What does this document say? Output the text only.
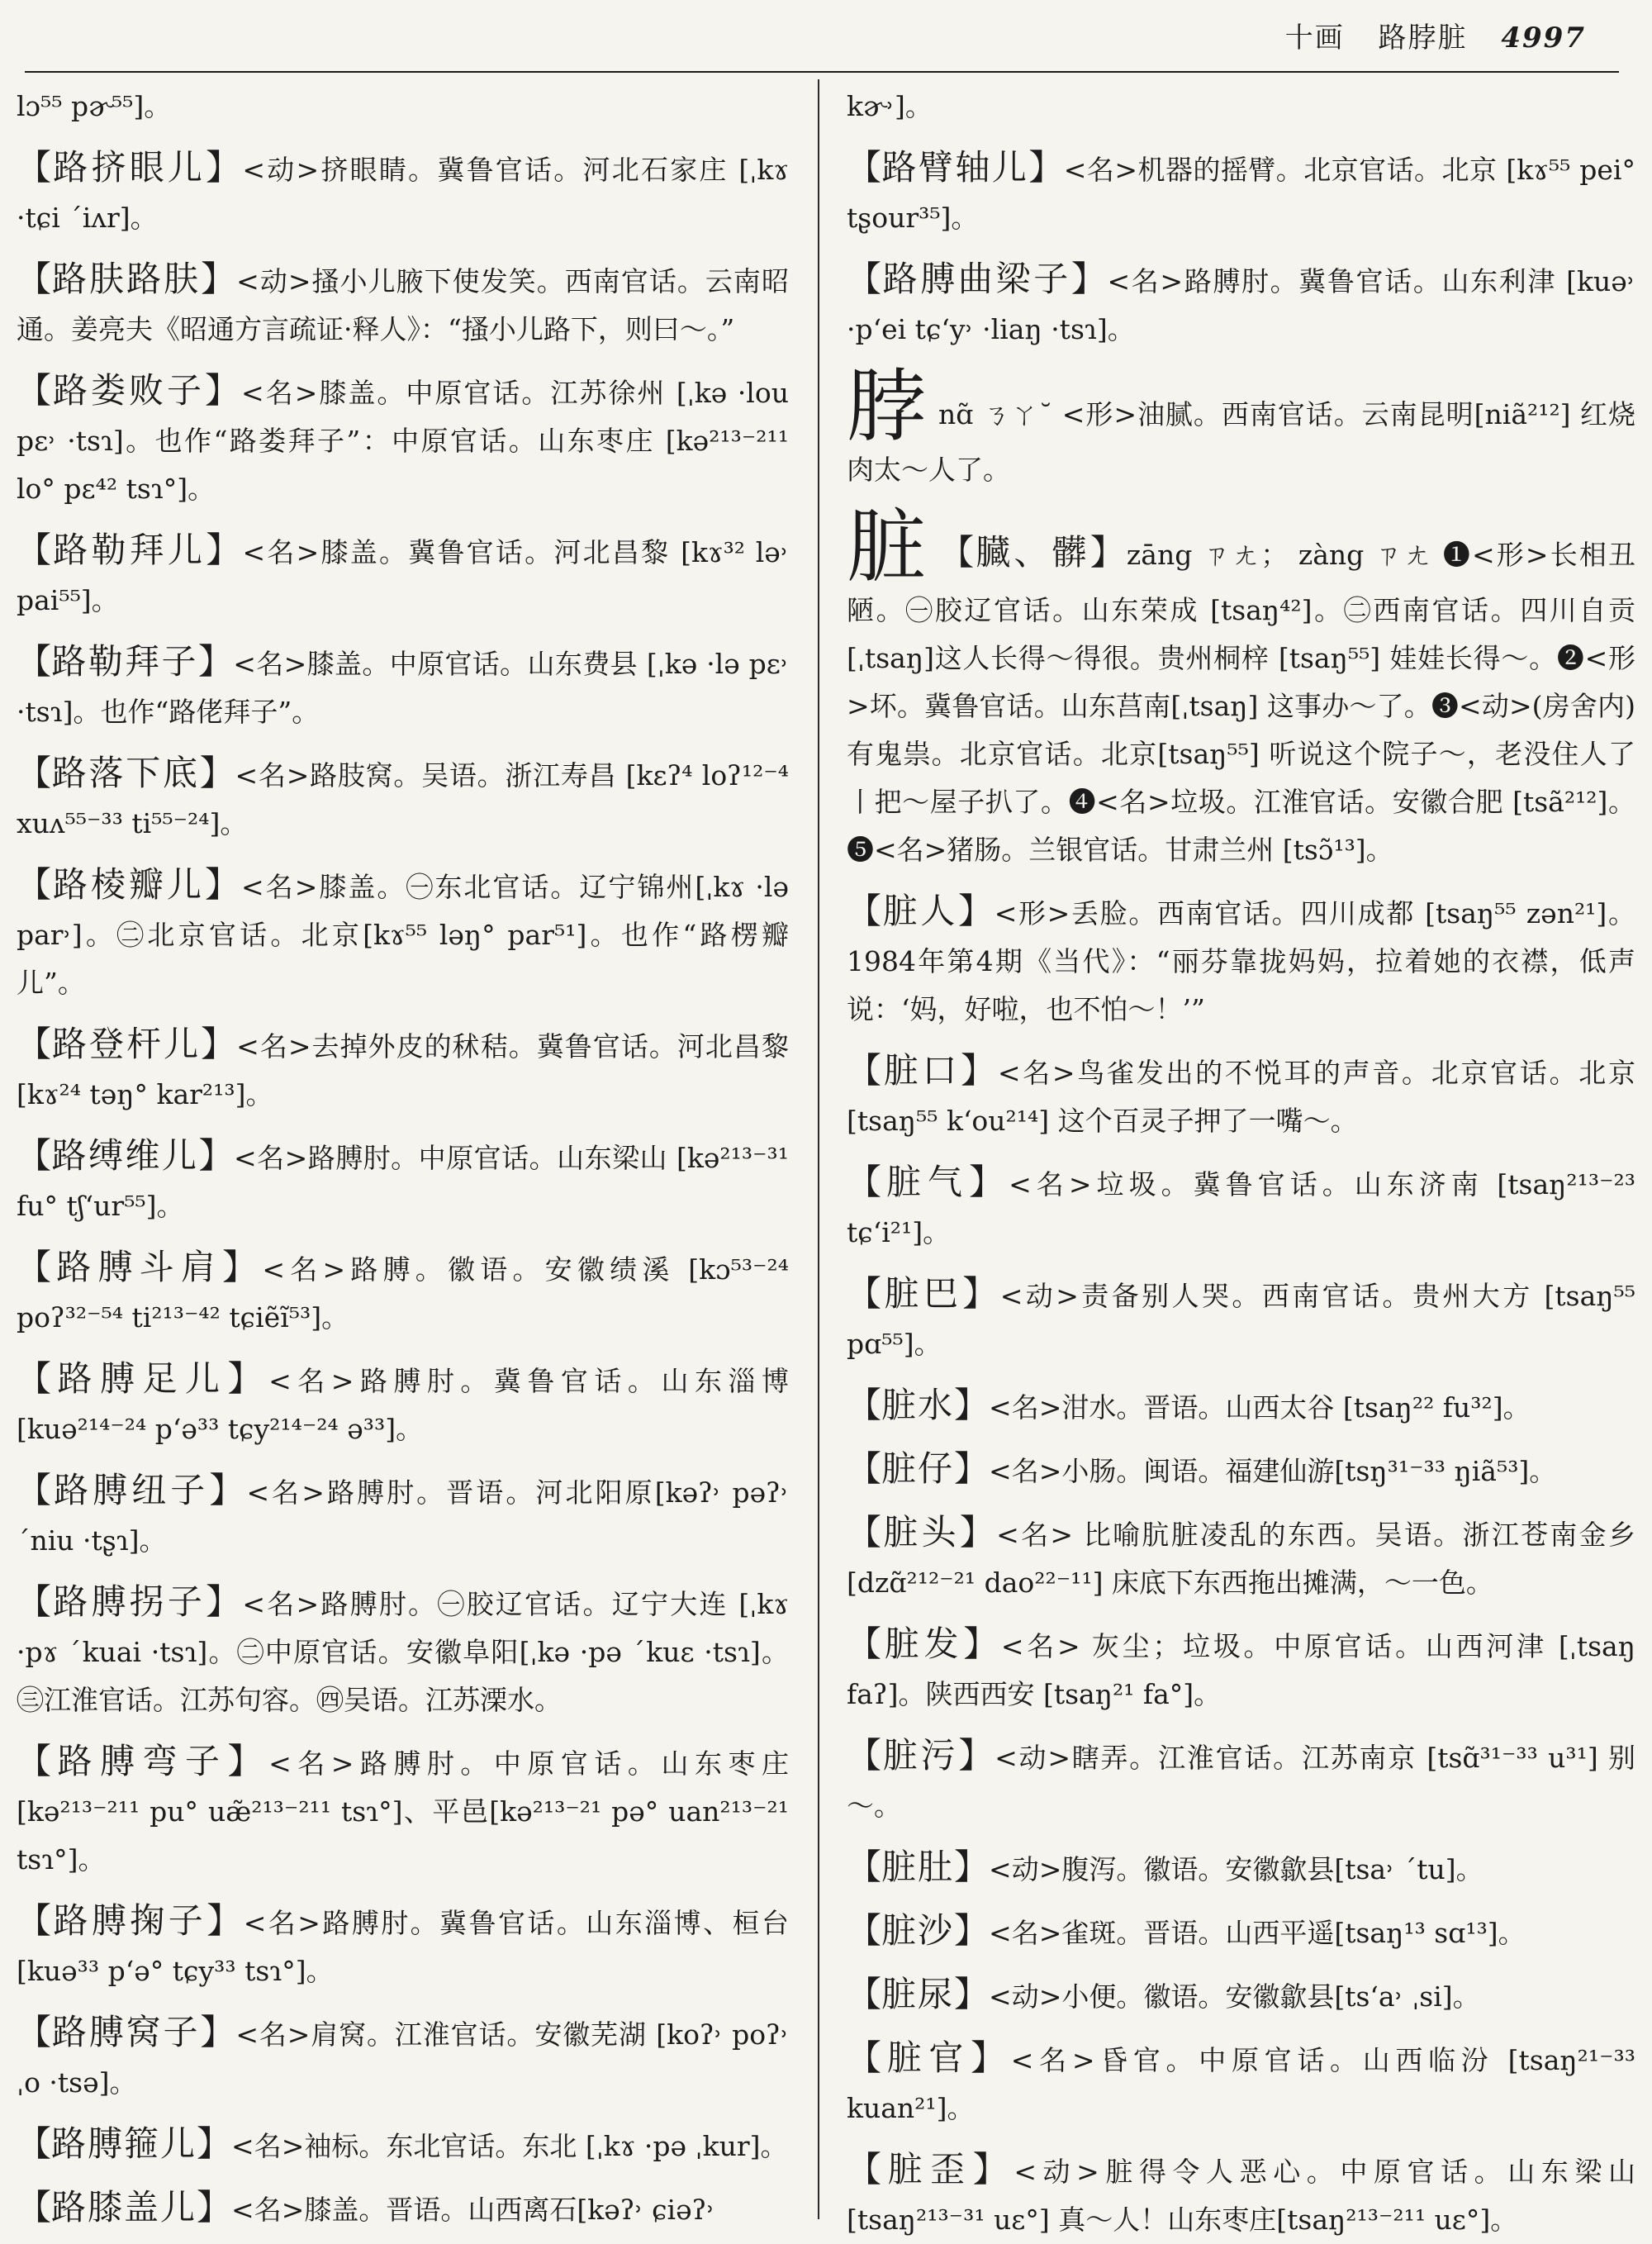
十画 路脖脏 4997

lɔ⁵⁵ pɚ⁵⁵]。

【路挤眼儿】<动>挤眼睛。冀鲁官话。河北石家庄 [ˌkɤ ·tɕi ˊiʌr]。

【路肤路肤】<动>搔小儿腋下使发笑。西南官话。云南昭通。姜亮夫《昭通方言疏证·释人》：“搔小儿路下，则曰～。”

【路娄败子】<名>膝盖。中原官话。江苏徐州 [ˌkə ·lou pɛ˒ ·tsɿ]。也作“路娄拜子”：中原官话。山东枣庄 [kə²¹³⁻²¹¹ lo° pɛ⁴² tsɿ°]。

【路勒拜儿】<名>膝盖。冀鲁官话。河北昌黎 [kɤ³² lə˒ pai⁵⁵]。

【路勒拜子】<名>膝盖。中原官话。山东费县 [ˌkə ·lə pɛ˒ ·tsɿ]。也作“路佬拜子”。

【路落下底】<名>路肢窝。吴语。浙江寿昌 [kɛʔ⁴ loʔ¹²⁻⁴ xuʌ⁵⁵⁻³³ ti⁵⁵⁻²⁴]。

【路棱瓣儿】<名>膝盖。㊀东北官话。辽宁锦州[ˌkɤ ·lə par˒]。㊁北京官话。北京[kɤ⁵⁵ ləŋ° par⁵¹]。也作“路楞瓣儿”。

【路登杆儿】<名>去掉外皮的秫秸。冀鲁官话。河北昌黎[kɤ²⁴ təŋ° kar²¹³]。

【路缚维儿】<名>路膊肘。中原官话。山东梁山 [kə²¹³⁻³¹ fu° tʃʻur⁵⁵]。

【路膊斗肩】<名>路膊。徽语。安徽绩溪 [kɔ⁵³⁻²⁴ poʔ³²⁻⁵⁴ ti²¹³⁻⁴² tɕiẽĩ⁵³]。

【路膊足儿】<名>路膊肘。冀鲁官话。山东淄博 [kuə²¹⁴⁻²⁴ pʻə³³ tɕy²¹⁴⁻²⁴ ə³³]。

【路膊纽子】<名>路膊肘。晋语。河北阳原[kəʔ˒ pəʔ˒ ˊniu ·tʂɿ]。

【路膊拐子】<名>路膊肘。㊀胶辽官话。辽宁大连 [ˌkɤ ·pɤ ˊkuai ·tsɿ]。㊁中原官话。安徽阜阳[ˌkə ·pə ˊkuɛ ·tsɿ]。㊂江淮官话。江苏句容。㊃吴语。江苏溧水。

【路膊弯子】<名>路膊肘。中原官话。山东枣庄 [kə²¹³⁻²¹¹ pu° uæ̃²¹³⁻²¹¹ tsɿ°]、平邑[kə²¹³⁻²¹ pə° uan²¹³⁻²¹ tsɿ°]。

【路膊掬子】<名>路膊肘。冀鲁官话。山东淄博、桓台 [kuə³³ pʻə° tɕy³³ tsɿ°]。

【路膊窝子】<名>肩窝。江淮官话。安徽芜湖 [koʔ˒ poʔ˒ ˌo ·tsə]。

【路膊箍儿】<名>袖标。东北官话。东北 [ˌkɤ ·pə ˌkur]。

【路膝盖儿】<名>膝盖。晋语。山西离石[kəʔ˒ ɕiəʔ˒

kɚ˒]。

【路臂轴儿】<名>机器的摇臂。北京官话。北京 [kɤ⁵⁵ pei° tʂour³⁵]。

【路膊曲梁子】<名>路膊肘。冀鲁官话。山东利津 [kuə˒ ·pʻei tɕʻy˒ ·liaŋ ·tsɿ]。

脖nɑ̃ ㄋㄚ˘ <形>油腻。西南官话。云南昆明[niã²¹²] 红烧肉太～人了。

脏 【臓、髒】zāng ㄗㄤ； zàng ㄗㄤ ❶<形>长相丑陋。㊀胶辽官话。山东荣成 [tsaŋ⁴²]。㊁西南官话。四川自贡[ˌtsaŋ]这人长得～得很。贵州桐梓 [tsaŋ⁵⁵] 娃娃长得～。❷<形>坏。冀鲁官话。山东莒南[ˌtsaŋ] 这事办～了。❸<动>(房舍内)有鬼祟。北京官话。北京[tsaŋ⁵⁵] 听说这个院子～，老没住人了丨把～屋子扒了。❹<名>垃圾。江淮官话。安徽合肥 [tsã²¹²]。❺<名>猪肠。兰银官话。甘肃兰州 [tsɔ̃¹³]。

【脏人】<形>丢脸。西南官话。四川成都 [tsaŋ⁵⁵ zən²¹]。1984年第4期《当代》：“丽芬靠拢妈妈，拉着她的衣襟，低声说：‘妈，好啦，也不怕～！’”

【脏口】<名>鸟雀发出的不悦耳的声音。北京官话。北京[tsaŋ⁵⁵ kʻou²¹⁴] 这个百灵子押了一嘴～。

【脏气】<名>垃圾。冀鲁官话。山东济南 [tsaŋ²¹³⁻²³ tɕʻi²¹]。

【脏巴】<动>责备别人哭。西南官话。贵州大方 [tsaŋ⁵⁵ pɑ⁵⁵]。

【脏水】<名>泔水。晋语。山西太谷 [tsaŋ²² fu³²]。

【脏仔】<名>小肠。闽语。福建仙游[tsŋ³¹⁻³³ ŋiã⁵³]。

【脏头】<名> 比喻肮脏凌乱的东西。吴语。浙江苍南金乡 [dzɑ̃²¹²⁻²¹ dao²²⁻¹¹] 床底下东西拖出摊满，～一色。

【脏发】<名> 灰尘；垃圾。中原官话。山西河津 [ˌtsaŋ faʔ]。陕西西安 [tsaŋ²¹ fa°]。

【脏污】<动>瞎弄。江淮官话。江苏南京 [tsɑ̃³¹⁻³³ u³¹] 别～。

【脏肚】<动>腹泻。徽语。安徽歙县[tsa˒ ˊtu]。

【脏沙】<名>雀斑。晋语。山西平遥[tsaŋ¹³ sɑ¹³]。

【脏尿】<动>小便。徽语。安徽歙县[tsʻa˒ ˌsi]。

【脏官】<名>昏官。中原官话。山西临汾 [tsaŋ²¹⁻³³ kuan²¹]。

【脏歪】<动>脏得令人恶心。中原官话。山东梁山 [tsaŋ²¹³⁻³¹ uɛ°] 真～人！山东枣庄[tsaŋ²¹³⁻²¹¹ uɛ°]。
